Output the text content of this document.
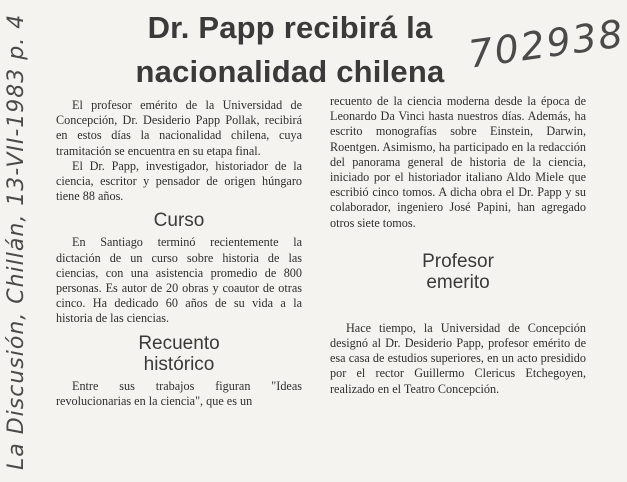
Dr. Papp recibirá la
nacionalidad chilena 702938
La Discusión, Chillán, 13-VII-1983 p. 4	El profesor emérito de la Universidad de Concepción, Dr. Desiderio Papp Pollak, recibirá en estos días la nacionalidad chilena, cuya tramitación se encuentra en su etapa final.

El Dr. Papp, investigador, historiador de la ciencia, escritor y pensador de origen húngaro tiene 88 años.

Curso

En Santiago terminó recientemente la dictación de un curso sobre historia de las ciencias, con una asistencia promedio de 800 personas. Es autor de 20 obras y coautor de otras cinco. Ha dedicado 60 años de su vida a la historia de las ciencias.

Recuento
histórico

Entre sus trabajos figuran "Ideas revolucionarias en la ciencia", que es un

recuento de la ciencia moderna desde la época de Leonardo Da Vinci hasta nuestros días. Además, ha escrito monografías sobre Einstein, Darwin, Roentgen. Asimismo, ha participado en la redacción del panorama general de historia de la ciencia, iniciado por el historiador italiano Aldo Miele que escribió cinco tomos. A dicha obra el Dr. Papp y su colaborador, ingeniero José Papini, han agregado otros siete tomos.

Profesor
emerito

Hace tiempo, la Universidad de Concepción designó al Dr. Desiderio Papp, profesor emérito de esa casa de estudios superiores, en un acto presidido por el rector Guillermo Clericus Etchegoyen, realizado en el Teatro Concepción.
